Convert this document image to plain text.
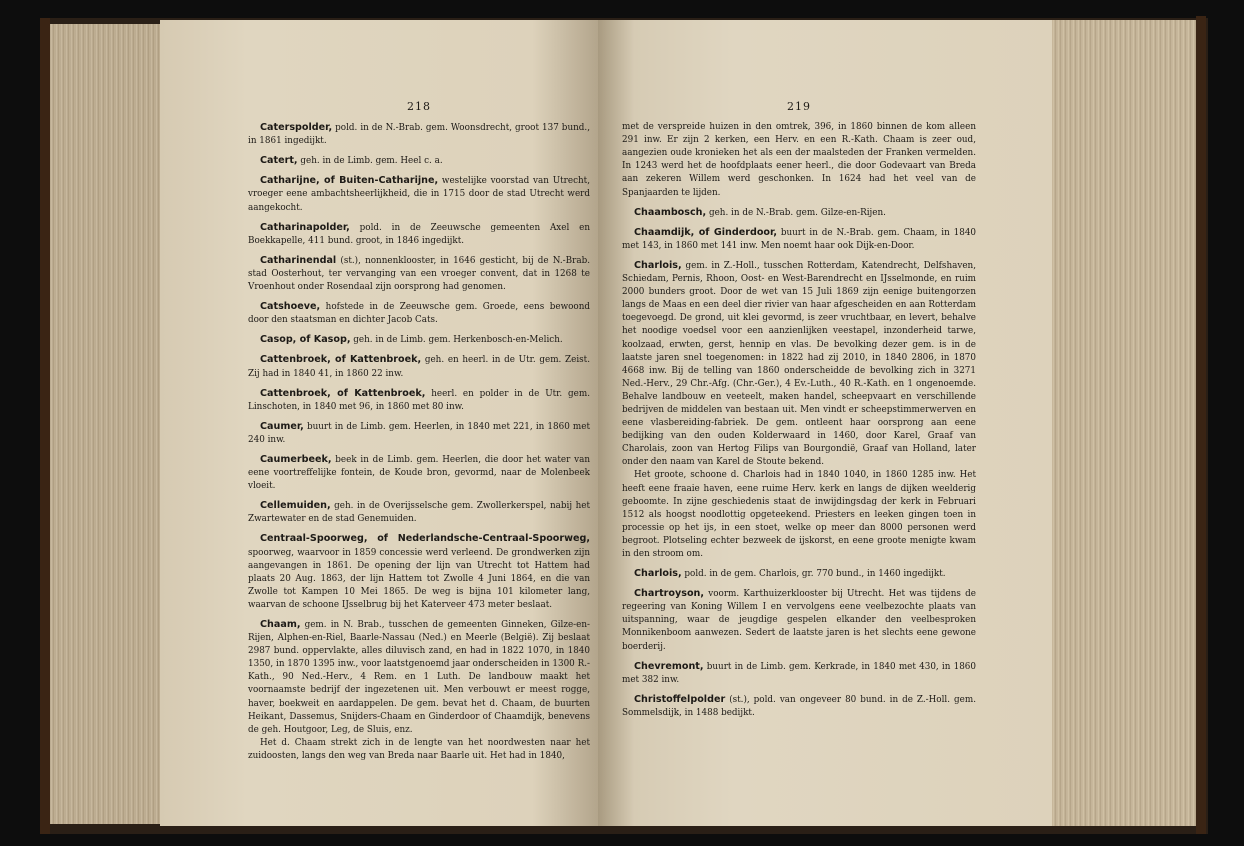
218

Caterspolder, pold. in de N.-Brab. gem. Woonsdrecht, groot 137 bund., in 1861 ingedijkt.

Catert, geh. in de Limb. gem. Heel c. a.

Catharijne, of Buiten-Catharijne, westelijke voorstad van Utrecht, vroeger eene ambachtsheerlijkheid, die in 1715 door de stad Utrecht werd aangekocht.

Catharinapolder, pold. in de Zeeuwsche gemeenten Axel en Boekkapelle, 411 bund. groot, in 1846 ingedijkt.

Catharinendal (st.), nonnenklooster, in 1646 gesticht, bij de N.-Brab. stad Oosterhout, ter vervanging van een vroeger convent, dat in 1268 te Vroenhout onder Rosendaal zijn oorsprong had genomen.

Catshoeve, hofstede in de Zeeuwsche gem. Groede, eens bewoond door den staatsman en dichter Jacob Cats.

Casop, of Kasop, geh. in de Limb. gem. Herkenbosch-en-Melich.

Cattenbroek, of Kattenbroek, geh. en heerl. in de Utr. gem. Zeist. Zij had in 1840 41, in 1860 22 inw.

Cattenbroek, of Kattenbroek, heerl. en polder in de Utr. gem. Linschoten, in 1840 met 96, in 1860 met 80 inw.

Caumer, buurt in de Limb. gem. Heerlen, in 1840 met 221, in 1860 met 240 inw.

Caumerbeek, beek in de Limb. gem. Heerlen, die door het water van eene voortreffelijke fontein, de Koude bron, gevormd, naar de Molenbeek vloeit.

Cellemuiden, geh. in de Overijsselsche gem. Zwollerkerspel, nabij het Zwartewater en de stad Genemuiden.

Centraal-Spoorweg, of Nederlandsche-Centraal-Spoorweg, spoorweg, waarvoor in 1859 concessie werd verleend. De grondwerken zijn aangevangen in 1861. De opening der lijn van Utrecht tot Hattem had plaats 20 Aug. 1863, der lijn Hattem tot Zwolle 4 Juni 1864, en die van Zwolle tot Kampen 10 Mei 1865. De weg is bijna 101 kilometer lang, waarvan de schoone IJsselbrug bij het Katerveer 473 meter beslaat.

Chaam, gem. in N. Brab., tusschen de gemeenten Ginneken, Gilze-en-Rijen, Alphen-en-Riel, Baarle-Nassau (Ned.) en Meerle (België). Zij beslaat 2987 bund. oppervlakte, alles diluvisch zand, en had in 1822 1070, in 1840 1350, in 1870 1395 inw., voor laatstgenoemd jaar onderscheiden in 1300 R.-Kath., 90 Ned.-Herv., 4 Rem. en 1 Luth. De landbouw maakt het voornaamste bedrijf der ingezetenen uit. Men verbouwt er meest rogge, haver, boekweit en aardappelen. De gem. bevat het d. Chaam, de buurten Heikant, Dassemus, Snijders-Chaam en Ginderdoor of Chaamdijk, benevens de geh. Houtgoor, Leg, de Sluis, enz.

Het d. Chaam strekt zich in de lengte van het noordwesten naar het zuidoosten, langs den weg van Breda naar Baarle uit. Het had in 1840,

219
met de verspreide huizen in den omtrek, 396, in 1860 binnen de kom alleen 291 inw. Er zijn 2 kerken, een Herv. en een R.-Kath. Chaam is zeer oud, aangezien oude kronieken het als een der maalsteden der Franken vermelden. In 1243 werd het de hoofdplaats eener heerl., die door Godevaart van Breda aan zekeren Willem werd geschonken. In 1624 had het veel van de Spanjaarden te lijden.

Chaambosch, geh. in de N.-Brab. gem. Gilze-en-Rijen.

Chaamdijk, of Ginderdoor, buurt in de N.-Brab. gem. Chaam, in 1840 met 143, in 1860 met 141 inw. Men noemt haar ook Dijk-en-Door.

Charlois, gem. in Z.-Holl., tusschen Rotterdam, Katendrecht, Delfshaven, Schiedam, Pernis, Rhoon, Oost- en West-Barendrecht en IJsselmonde, en ruim 2000 bunders groot. Door de wet van 15 Juli 1869 zijn eenige buitengorzen langs de Maas en een deel dier rivier van haar afgescheiden en aan Rotterdam toegevoegd. De grond, uit klei gevormd, is zeer vruchtbaar, en levert, behalve het noodige voedsel voor een aanzienlijken veestapel, inzonderheid tarwe, koolzaad, erwten, gerst, hennip en vlas. De bevolking dezer gem. is in de laatste jaren snel toegenomen: in 1822 had zij 2010, in 1840 2806, in 1870 4668 inw. Bij de telling van 1860 onderscheidde de bevolking zich in 3271 Ned.-Herv., 29 Chr.-Afg. (Chr.-Ger.), 4 Ev.-Luth., 40 R.-Kath. en 1 ongenoemde. Behalve landbouw en veeteelt, maken handel, scheepvaart en verschillende bedrijven de middelen van bestaan uit. Men vindt er scheepstimmerwerven en eene vlasbereiding-fabriek. De gem. ontleent haar oorsprong aan eene bedijking van den ouden Kolderwaard in 1460, door Karel, Graaf van Charolais, zoon van Hertog Filips van Bourgondië, Graaf van Holland, later onder den naam van Karel de Stoute bekend.

Het groote, schoone d. Charlois had in 1840 1040, in 1860 1285 inw. Het heeft eene fraaie haven, eene ruime Herv. kerk en langs de dijken weelderig geboomte. In zijne geschiedenis staat de inwijdingsdag der kerk in Februari 1512 als hoogst noodlottig opgeteekend. Priesters en leeken gingen toen in processie op het ijs, in een stoet, welke op meer dan 8000 personen werd begroot. Plotseling echter bezweek de ijskorst, en eene groote menigte kwam in den stroom om.

Charlois, pold. in de gem. Charlois, gr. 770 bund., in 1460 ingedijkt.

Chartroyson, voorm. Karthuizerklooster bij Utrecht. Het was tijdens de regeering van Koning Willem I en vervolgens eene veelbezochte plaats van uitspanning, waar de jeugdige gespelen elkander den veelbesproken Monnikenboom aanwezen. Sedert de laatste jaren is het slechts eene gewone boerderij.

Chevremont, buurt in de Limb. gem. Kerkrade, in 1840 met 430, in 1860 met 382 inw.

Christoffelpolder (st.), pold. van ongeveer 80 bund. in de Z.-Holl. gem. Sommelsdijk, in 1488 bedijkt.
